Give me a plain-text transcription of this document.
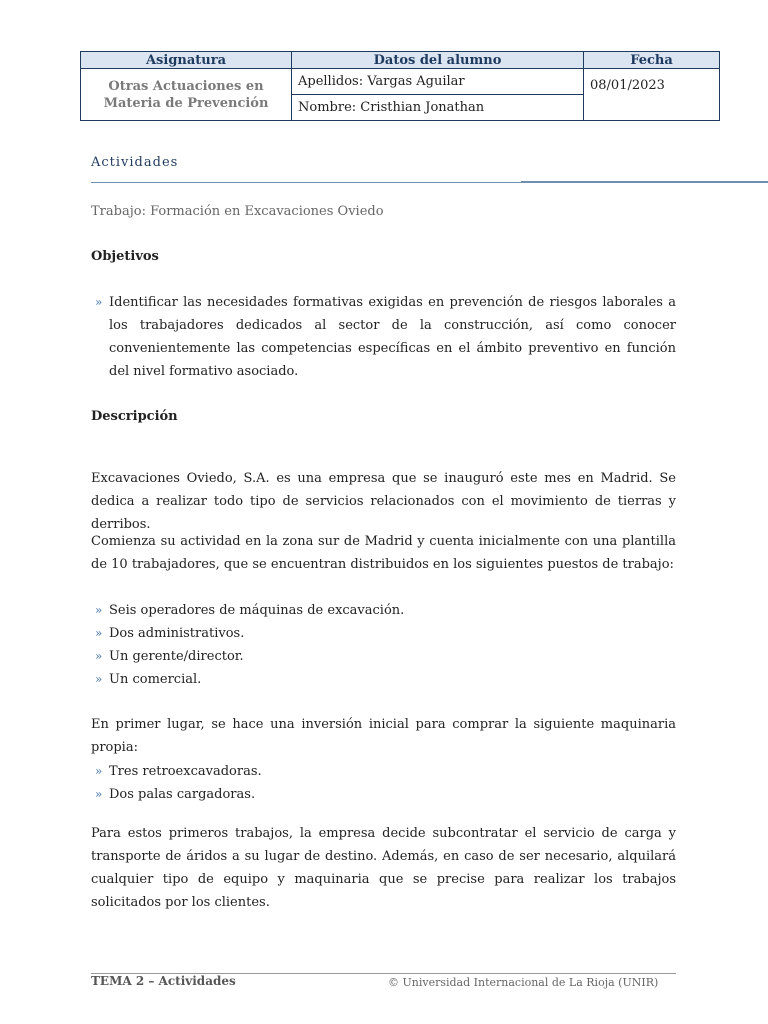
Asignatura	Datos del alumno	Fecha

Otras Actuaciones en
Materia de Prevención	Apellidos: Vargas Aguilar	08/01/2023
	Nombre: Cristhian Jonathan	
Actividades
Trabajo: Formación en Excavaciones Oviedo
Objetivos
» Identificar las necesidades formativas exigidas en prevención de riesgos laborales a los trabajadores dedicados al sector de la construcción, así como conocer convenientemente las competencias específicas en el ámbito preventivo en función del nivel formativo asociado.

Descripción

Excavaciones Oviedo, S.A. es una empresa que se inauguró este mes en Madrid. Se dedica a realizar todo tipo de servicios relacionados con el movimiento de tierras y derribos.

Comienza su actividad en la zona sur de Madrid y cuenta inicialmente con una plantilla de 10 trabajadores, que se encuentran distribuidos en los siguientes puestos de trabajo:

» Seis operadores de máquinas de excavación.
» Dos administrativos.
» Un gerente/director.
» Un comercial.

En primer lugar, se hace una inversión inicial para comprar la siguiente maquinaria propia:

» Tres retroexcavadoras.
» Dos palas cargadoras.

Para estos primeros trabajos, la empresa decide subcontratar el servicio de carga y transporte de áridos a su lugar de destino. Además, en caso de ser necesario, alquilará cualquier tipo de equipo y maquinaria que se precise para realizar los trabajos solicitados por los clientes.

TEMA 2 – Actividades	© Universidad Internacional de La Rioja (UNIR)
